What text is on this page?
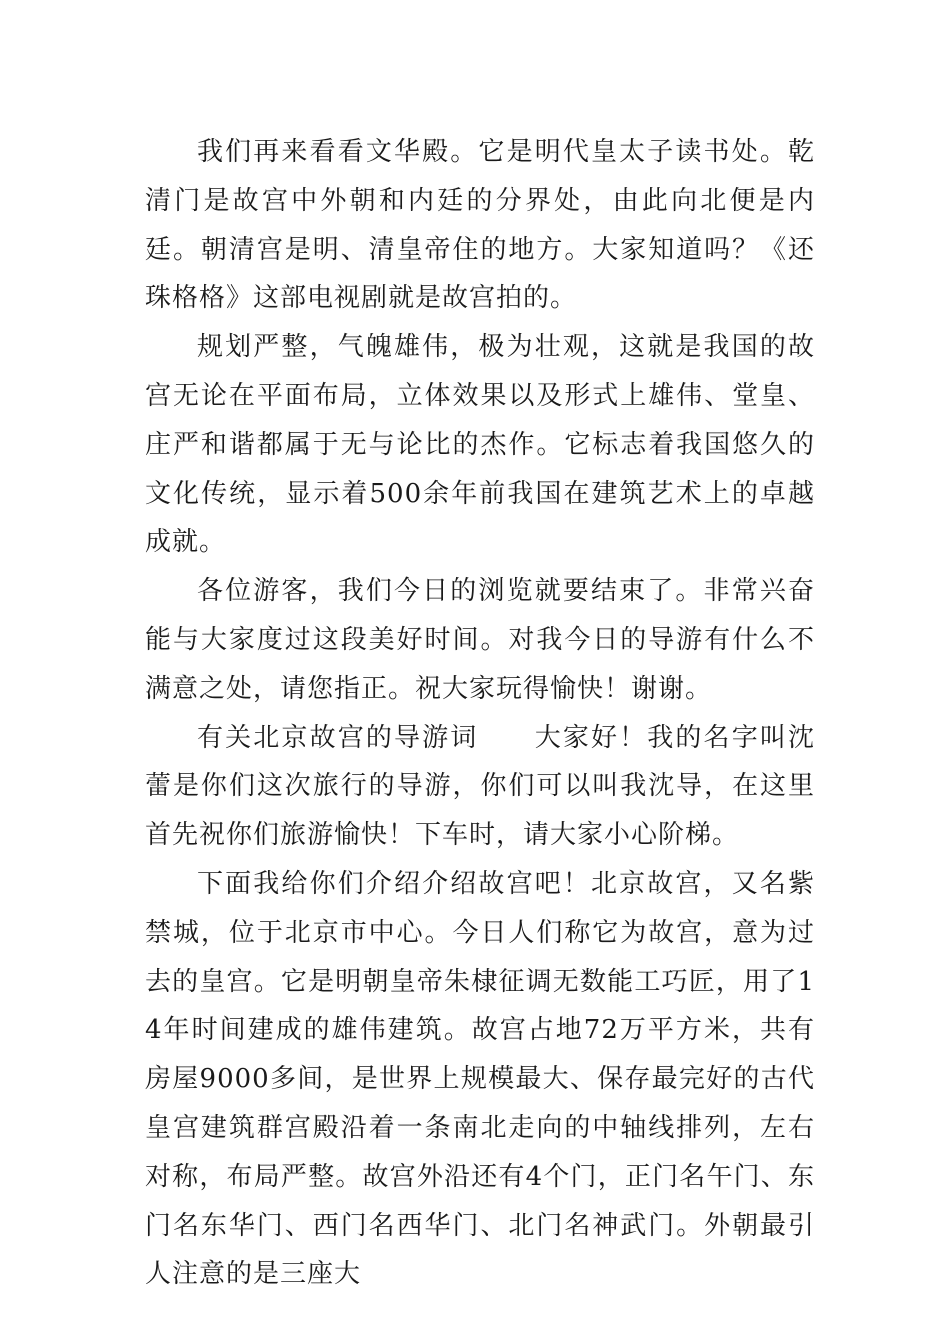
我们再来看看文华殿。它是明代皇太子读书处。乾清门是故宫中外朝和内廷的分界处，由此向北便是内廷。朝清宫是明、清皇帝住的地方。大家知道吗？《还珠格格》这部电视剧就是故宫拍的。

规划严整，气魄雄伟，极为壮观，这就是我国的故宫无论在平面布局，立体效果以及形式上雄伟、堂皇、庄严和谐都属于无与论比的杰作。它标志着我国悠久的文化传统，显示着500余年前我国在建筑艺术上的卓越成就。

各位游客，我们今日的浏览就要结束了。非常兴奋能与大家度过这段美好时间。对我今日的导游有什么不满意之处，请您指正。祝大家玩得愉快！谢谢。

有关北京故宫的导游词　　大家好！我的名字叫沈蕾是你们这次旅行的导游，你们可以叫我沈导，在这里首先祝你们旅游愉快！下车时，请大家小心阶梯。

下面我给你们介绍介绍故宫吧！北京故宫，又名紫禁城，位于北京市中心。今日人们称它为故宫，意为过去的皇宫。它是明朝皇帝朱棣征调无数能工巧匠，用了14年时间建成的雄伟建筑。故宫占地72万平方米，共有房屋9000多间，是世界上规模最大、保存最完好的古代皇宫建筑群宫殿沿着一条南北走向的中轴线排列，左右对称，布局严整。故宫外沿还有4个门，正门名午门、东门名东华门、西门名西华门、北门名神武门。外朝最引人注意的是三座大
